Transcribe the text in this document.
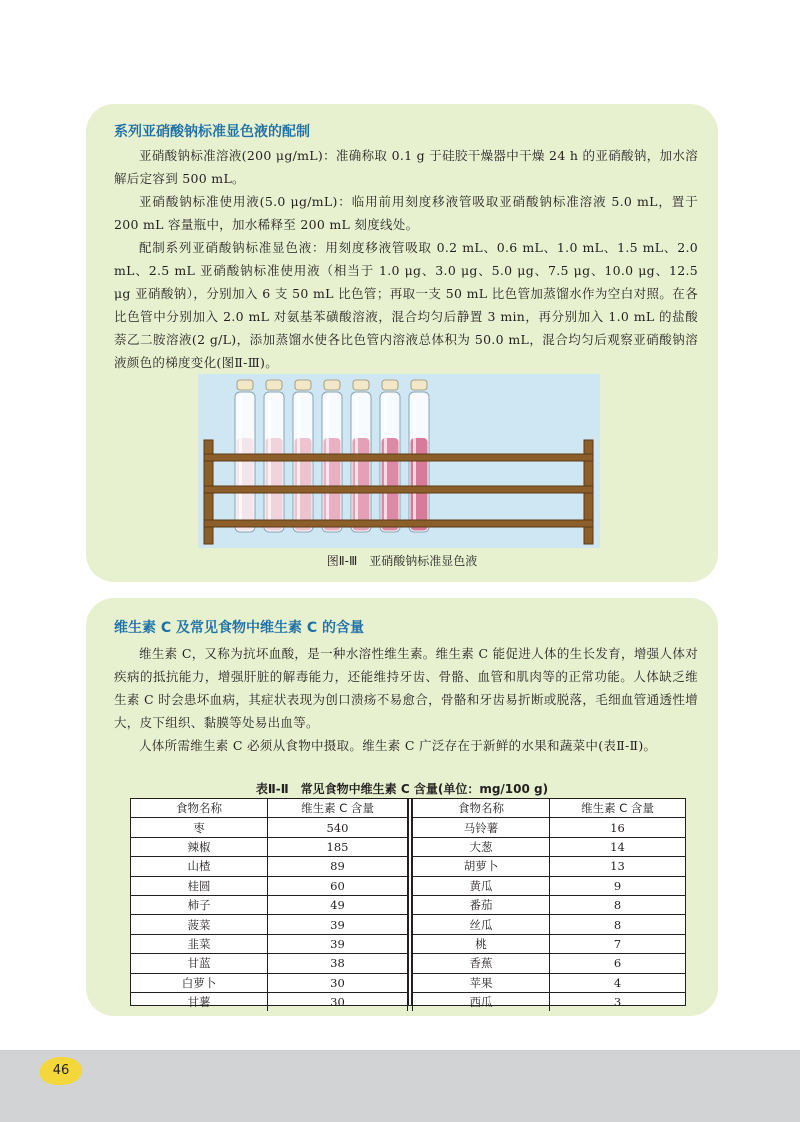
系列亚硝酸钠标准显色液的配制

亚硝酸钠标准溶液(200 μg/mL)：准确称取 0.1 g 于硅胶干燥器中干燥 24 h 的亚硝酸钠，加水溶解后定容到 500 mL。

亚硝酸钠标准使用液(5.0 μg/mL)：临用前用刻度移液管吸取亚硝酸钠标准溶液 5.0 mL，置于 200 mL 容量瓶中，加水稀释至 200 mL 刻度线处。

配制系列亚硝酸钠标准显色液：用刻度移液管吸取 0.2 mL、0.6 mL、1.0 mL、1.5 mL、2.0 mL、2.5 mL 亚硝酸钠标准使用液（相当于 1.0 μg、3.0 μg、5.0 μg、7.5 μg、10.0 μg、12.5 μg 亚硝酸钠），分别加入 6 支 50 mL 比色管；再取一支 50 mL 比色管加蒸馏水作为空白对照。在各比色管中分别加入 2.0 mL 对氨基苯磺酸溶液，混合均匀后静置 3 min，再分别加入 1.0 mL 的盐酸萘乙二胺溶液(2 g/L)，添加蒸馏水使各比色管内溶液总体积为 50.0 mL，混合均匀后观察亚硝酸钠溶液颜色的梯度变化(图Ⅱ-Ⅲ)。

图Ⅱ-Ⅲ　亚硝酸钠标准显色液

维生素 C 及常见食物中维生素 C 的含量

维生素 C，又称为抗坏血酸，是一种水溶性维生素。维生素 C 能促进人体的生长发育，增强人体对疾病的抵抗能力，增强肝脏的解毒能力，还能维持牙齿、骨骼、血管和肌肉等的正常功能。人体缺乏维生素 C 时会患坏血病，其症状表现为创口溃疡不易愈合，骨骼和牙齿易折断或脱落，毛细血管通透性增大，皮下组织、黏膜等处易出血等。

人体所需维生素 C 必须从食物中摄取。维生素 C 广泛存在于新鲜的水果和蔬菜中(表Ⅱ-Ⅱ)。

表Ⅱ-Ⅱ　常见食物中维生素 C 含量(单位：mg/100 g)

食物名称	维生素 C 含量
枣	540
辣椒	185
山楂	89
桂圆	60
柿子	49
菠菜	39
韭菜	39
甘蓝	38
白萝卜	30
甘薯	30
食物名称	维生素 C 含量
马铃薯	16
大葱	14
胡萝卜	13
黄瓜	9
番茄	8
丝瓜	8
桃	7
香蕉	6
苹果	4
西瓜	3
46
